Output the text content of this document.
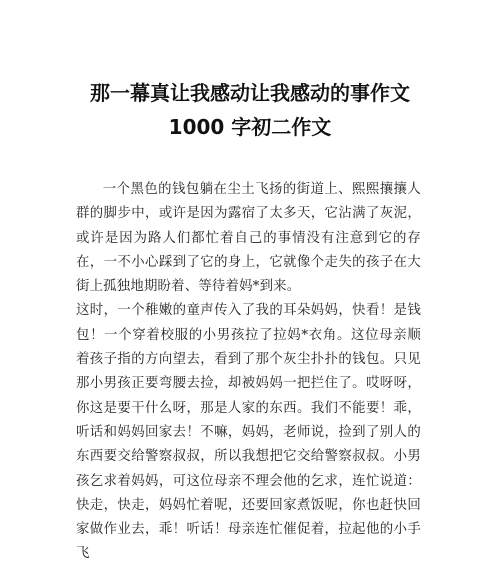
那一幕真让我感动让我感动的事作文 1000 字初二作文

一个黑色的钱包躺在尘土飞扬的街道上、熙熙攘攘人群的脚步中，或许是因为露宿了太多天，它沾满了灰泥，或许是因为路人们都忙着自己的事情没有注意到它的存在，一不小心踩到了它的身上，它就像个走失的孩子在大街上孤独地期盼着、等待着妈*到来。

这时，一个稚嫩的童声传入了我的耳朵妈妈，快看！是钱包！一个穿着校服的小男孩拉了拉妈*衣角。这位母亲顺着孩子指的方向望去，看到了那个灰尘扑扑的钱包。只见那小男孩正要弯腰去捡，却被妈妈一把拦住了。哎呀呀，你这是要干什么呀，那是人家的东西。我们不能要！乖，听话和妈妈回家去！不嘛，妈妈，老师说，捡到了别人的东西要交给警察叔叔，所以我想把它交给警察叔叔。小男孩乞求着妈妈，可这位母亲不理会他的乞求，连忙说道：快走，快走，妈妈忙着呢，还要回家煮饭呢，你也赶快回家做作业去，乖！听话！母亲连忙催促着，拉起他的小手飞
